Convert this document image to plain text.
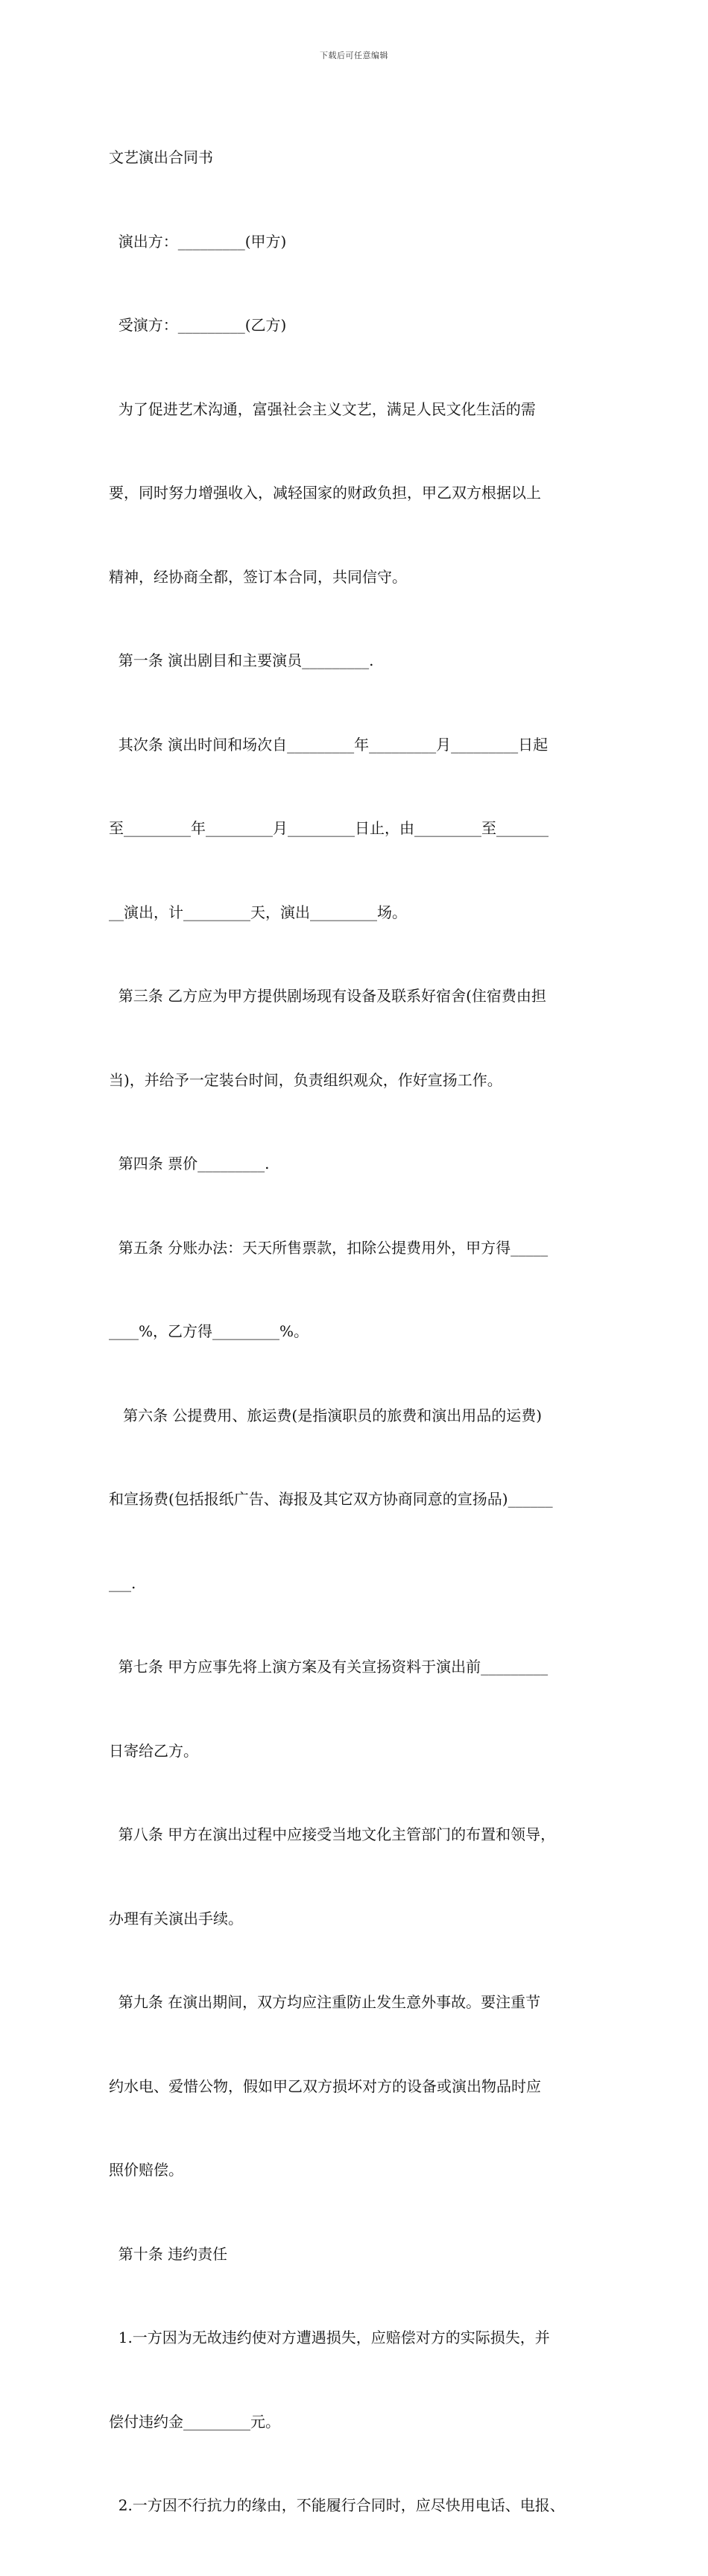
下载后可任意编辑

文艺演出合同书

演出方：_________(甲方)

受演方：_________(乙方)

为了促进艺术沟通，富强社会主义文艺，满足人民文化生活的需

要，同时努力增强收入，减轻国家的财政负担，甲乙双方根据以上

精神，经协商全都，签订本合同，共同信守。

第一条 演出剧目和主要演员_________.

其次条 演出时间和场次自_________年_________月_________日起

至_________年_________月_________日止，由_________至_______

__演出，计_________天，演出_________场。

第三条 乙方应为甲方提供剧场现有设备及联系好宿舍(住宿费由担

当)，并给予一定装台时间，负责组织观众，作好宣扬工作。

第四条 票价_________.

第五条 分账办法：天天所售票款，扣除公提费用外，甲方得_____

____%，乙方得_________%。

第六条 公提费用、旅运费(是指演职员的旅费和演出用品的运费)

和宣扬费(包括报纸广告、海报及其它双方协商同意的宣扬品)______

___.

第七条 甲方应事先将上演方案及有关宣扬资料于演出前_________

日寄给乙方。

第八条 甲方在演出过程中应接受当地文化主管部门的布置和领导，

办理有关演出手续。

第九条 在演出期间，双方均应注重防止发生意外事故。要注重节

约水电、爱惜公物，假如甲乙双方损坏对方的设备或演出物品时应

照价赔偿。

第十条 违约责任

1.一方因为无故违约使对方遭遇损失，应赔偿对方的实际损失，并

偿付违约金_________元。

2.一方因不行抗力的缘由，不能履行合同时，应尽快用电话、电报、
